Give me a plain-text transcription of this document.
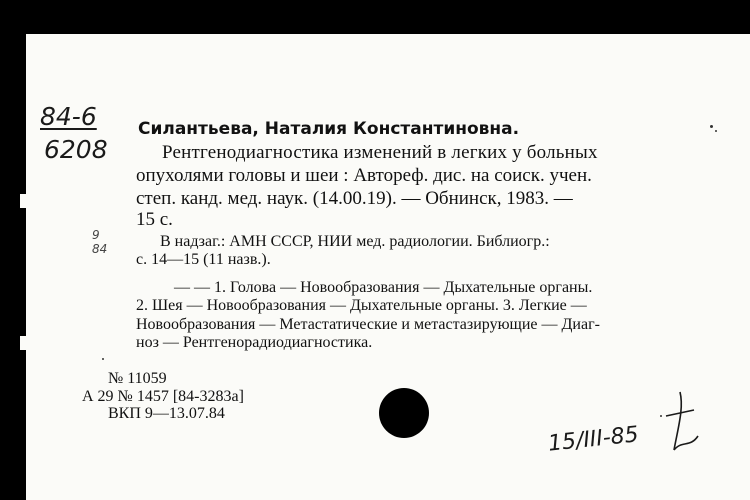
84-6
6208
9
84
Силантьева, Наталия Константиновна.
Рентгенодиагностика изменений в легких у больных
опухолями головы и шеи : Автореф. дис. на соиск. учен.
степ. канд. мед. наук. (14.00.19). — Обнинск, 1983. —
15 с.
В надзаг.: АМН СССР, НИИ мед. радиологии. Библиогр.:
с. 14—15 (11 назв.).
— — 1. Голова — Новообразования — Дыхательные органы.
2. Шея — Новообразования — Дыхательные органы. 3. Легкие —
Новообразования — Метастатические и метастазирующие — Диаг-
ноз — Рентгенорадиодиагностика.
№ 11059
А 29 № 1457 [84-3283а]
ВКП 9—13.07.84
15/III-85
